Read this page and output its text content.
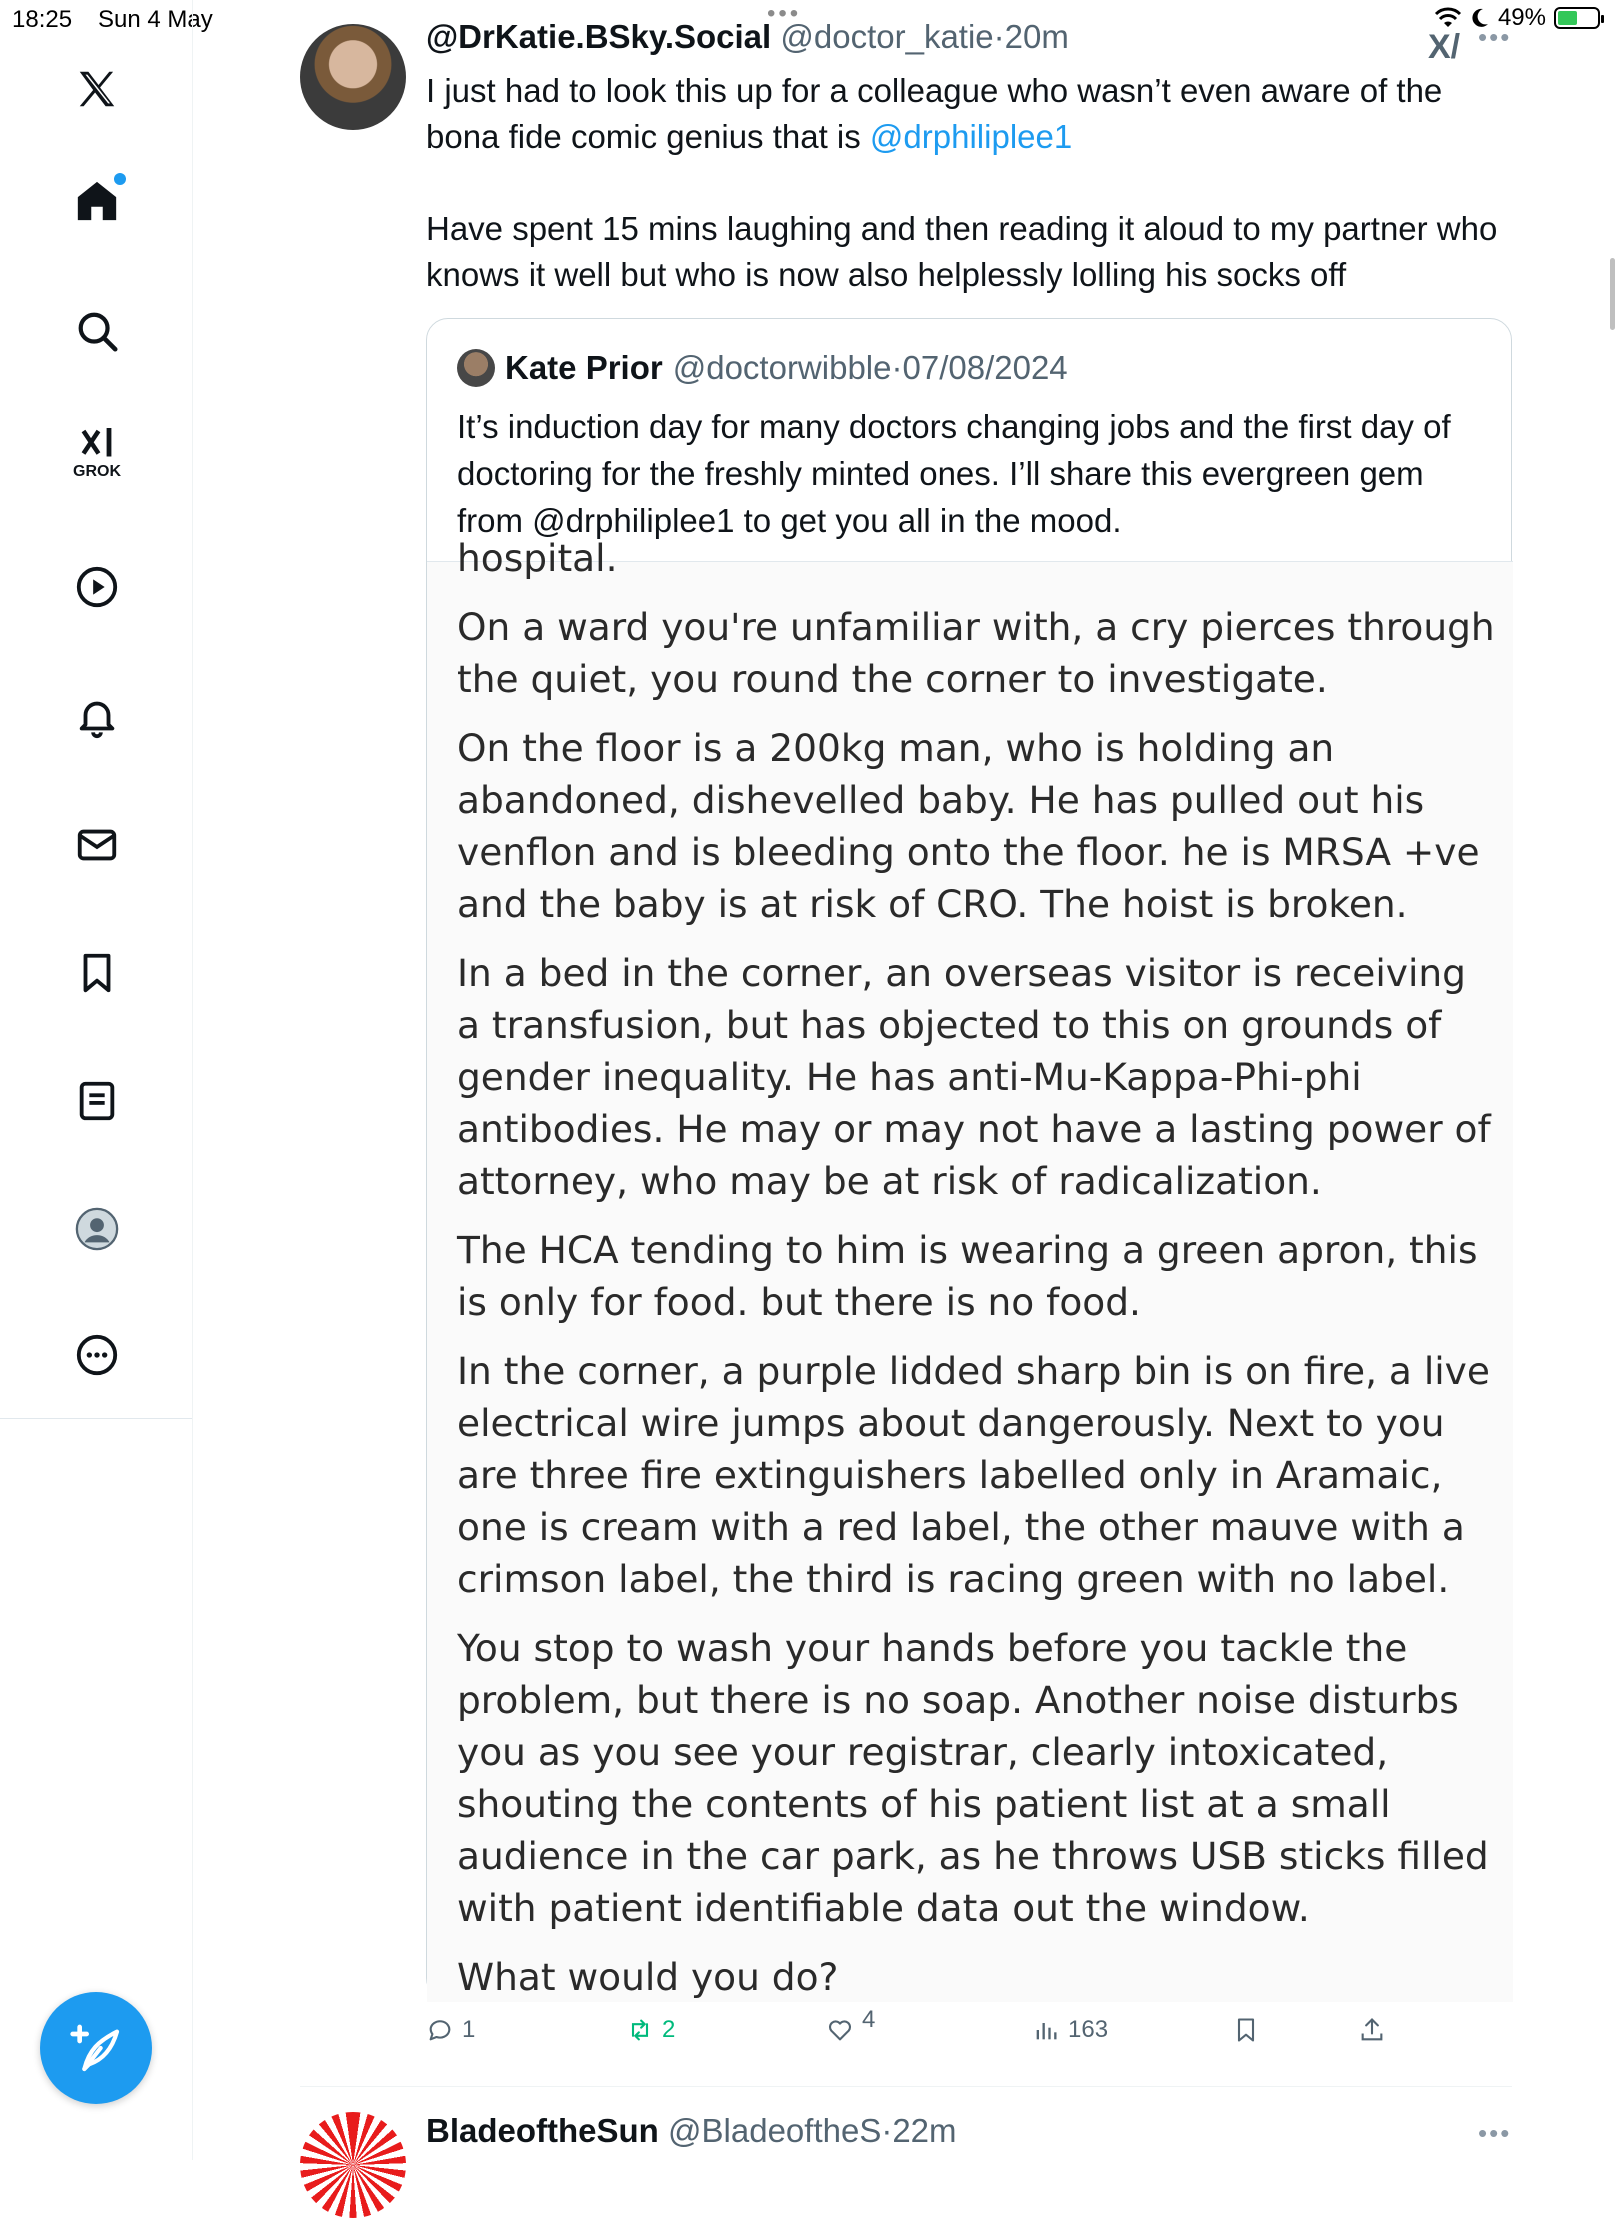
18:25 Sun 4 May	•••	49%
GROK
@DrKatie.BSky.Social @doctor_katie·20m	X/ •••

I just had to look this up for a colleague who wasn’t even aware of the bona fide comic genius that is @drphiliplee1

Have spent 15 mins laughing and then reading it aloud to my partner who knows it well but who is now also helplessly lolling his socks off

Kate Prior @doctorwibble · 07/08/2024
It’s induction day for many doctors changing jobs and the first day of doctoring for the freshly minted ones. I’ll share this evergreen gem from @drphiliplee1 to get you all in the mood.

hospital.

On a ward you're unfamiliar with, a cry pierces through the quiet, you round the corner to investigate.

On the floor is a 200kg man, who is holding an abandoned, dishevelled baby. He has pulled out his venflon and is bleeding onto the floor. he is MRSA +ve and the baby is at risk of CRO. The hoist is broken.

In a bed in the corner, an overseas visitor is receiving a transfusion, but has objected to this on grounds of gender inequality. He has anti-Mu-Kappa-Phi-phi antibodies. He may or may not have a lasting power of attorney, who may be at risk of radicalization.

The HCA tending to him is wearing a green apron, this is only for food. but there is no food.

In the corner, a purple lidded sharp bin is on fire, a live electrical wire jumps about dangerously. Next to you are three fire extinguishers labelled only in Aramaic, one is cream with a red label, the other mauve with a crimson label, the third is racing green with no label.

You stop to wash your hands before you tackle the problem, but there is no soap. Another noise disturbs you as you see your registrar, clearly intoxicated, shouting the contents of his patient list at a small audience in the car park, as he throws USB sticks filled with patient identifiable data out the window.

What would you do?

1	2	4	163
BladeoftheSun @BladeoftheS·22m	•••
